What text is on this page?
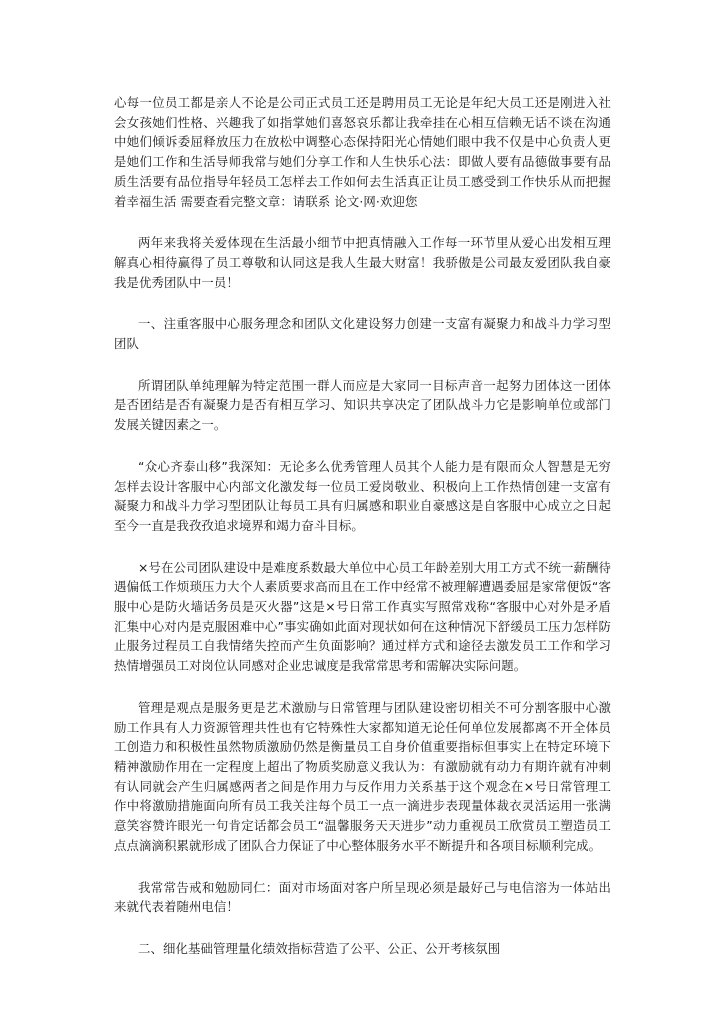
心每一位员工都是亲人不论是公司正式员工还是聘用员工无论是年纪大员工还是刚进入社会女孩她们性格、兴趣我了如指掌她们喜怒哀乐都让我牵挂在心相互信赖无话不谈在沟通中她们倾诉委屈释放压力在放松中调整心态保持阳光心情她们眼中我不仅是中心负责人更是她们工作和生活导师我常与她们分享工作和人生快乐心法：即做人要有品德做事要有品质生活要有品位指导年轻员工怎样去工作如何去生活真正让员工感受到工作快乐从而把握着幸福生活 需要查看完整文章：请联系 论文·网·欢迎您

两年来我将关爱体现在生活最小细节中把真情融入工作每一环节里从爱心出发相互理解真心相待赢得了员工尊敬和认同这是我人生最大财富！我骄傲是公司最友爱团队我自豪我是优秀团队中一员！

一、注重客服中心服务理念和团队文化建设努力创建一支富有凝聚力和战斗力学习型团队

所谓团队单纯理解为特定范围一群人而应是大家同一目标声音一起努力团体这一团体是否团结是否有凝聚力是否有相互学习、知识共享决定了团队战斗力它是影响单位或部门发展关键因素之一。

“众心齐泰山移”我深知：无论多么优秀管理人员其个人能力是有限而众人智慧是无穷怎样去设计客服中心内部文化激发每一位员工爱岗敬业、积极向上工作热情创建一支富有凝聚力和战斗力学习型团队让每员工具有归属感和职业自豪感这是自客服中心成立之日起至今一直是我孜孜追求境界和竭力奋斗目标。

×号在公司团队建设中是难度系数最大单位中心员工年龄差别大用工方式不统一薪酬待遇偏低工作烦琐压力大个人素质要求高而且在工作中经常不被理解遭遇委屈是家常便饭“客服中心是防火墙话务员是灭火器”这是×号日常工作真实写照常戏称“客服中心对外是矛盾汇集中心对内是克服困难中心”事实确如此面对现状如何在这种情况下舒缓员工压力怎样防止服务过程员工自我情绪失控而产生负面影响？通过样方式和途径去激发员工工作和学习热情增强员工对岗位认同感对企业忠诚度是我常常思考和需解决实际问题。

管理是观点是服务更是艺术激励与日常管理与团队建设密切相关不可分割客服中心激励工作具有人力资源管理共性也有它特殊性大家都知道无论任何单位发展都离不开全体员工创造力和积极性虽然物质激励仍然是衡量员工自身价值重要指标但事实上在特定环境下精神激励作用在一定程度上超出了物质奖励意义我认为：有激励就有动力有期许就有冲刺有认同就会产生归属感两者之间是作用力与反作用力关系基于这个观念在×号日常管理工作中将激励措施面向所有员工我关注每个员工一点一滴进步表现量体裁衣灵活运用一张满意笑容赞许眼光一句肯定话都会员工“温馨服务天天进步”动力重视员工欣赏员工塑造员工点点滴滴积累就形成了团队合力保证了中心整体服务水平不断提升和各项目标顺利完成。

我常常告戒和勉励同仁：面对市场面对客户所呈现必须是最好己与电信溶为一体站出来就代表着随州电信！

二、细化基础管理量化绩效指标营造了公平、公正、公开考核氛围
